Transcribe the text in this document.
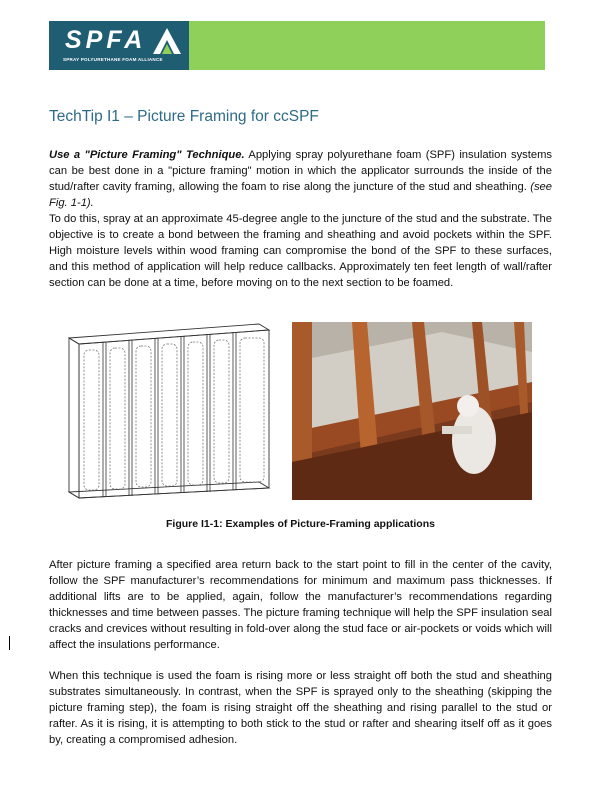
SPFA
SPRAY POLYURETHANE FOAM ALLIANCE
TechTip I1 – Picture Framing for ccSPF

Use a "Picture Framing" Technique. Applying spray polyurethane foam (SPF) insulation systems can be best done in a "picture framing" motion in which the applicator surrounds the inside of the stud/rafter cavity framing, allowing the foam to rise along the juncture of the stud and sheathing. (see Fig. 1-1).

To do this, spray at an approximate 45-degree angle to the juncture of the stud and the substrate. The objective is to create a bond between the framing and sheathing and avoid pockets within the SPF. High moisture levels within wood framing can compromise the bond of the SPF to these surfaces, and this method of application will help reduce callbacks. Approximately ten feet length of wall/rafter section can be done at a time, before moving on to the next section to be foamed.

Figure I1-1: Examples of Picture-Framing applications

After picture framing a specified area return back to the start point to fill in the center of the cavity, follow the SPF manufacturer’s recommendations for minimum and maximum pass thicknesses. If additional lifts are to be applied, again, follow the manufacturer’s recommendations regarding thicknesses and time between passes. The picture framing technique will help the SPF insulation seal cracks and crevices without resulting in fold-over along the stud face or air-pockets or voids which will affect the insulations performance.

When this technique is used the foam is rising more or less straight off both the stud and sheathing substrates simultaneously. In contrast, when the SPF is sprayed only to the sheathing (skipping the picture framing step), the foam is rising straight off the sheathing and rising parallel to the stud or rafter. As it is rising, it is attempting to both stick to the stud or rafter and shearing itself off as it goes by, creating a compromised adhesion.
